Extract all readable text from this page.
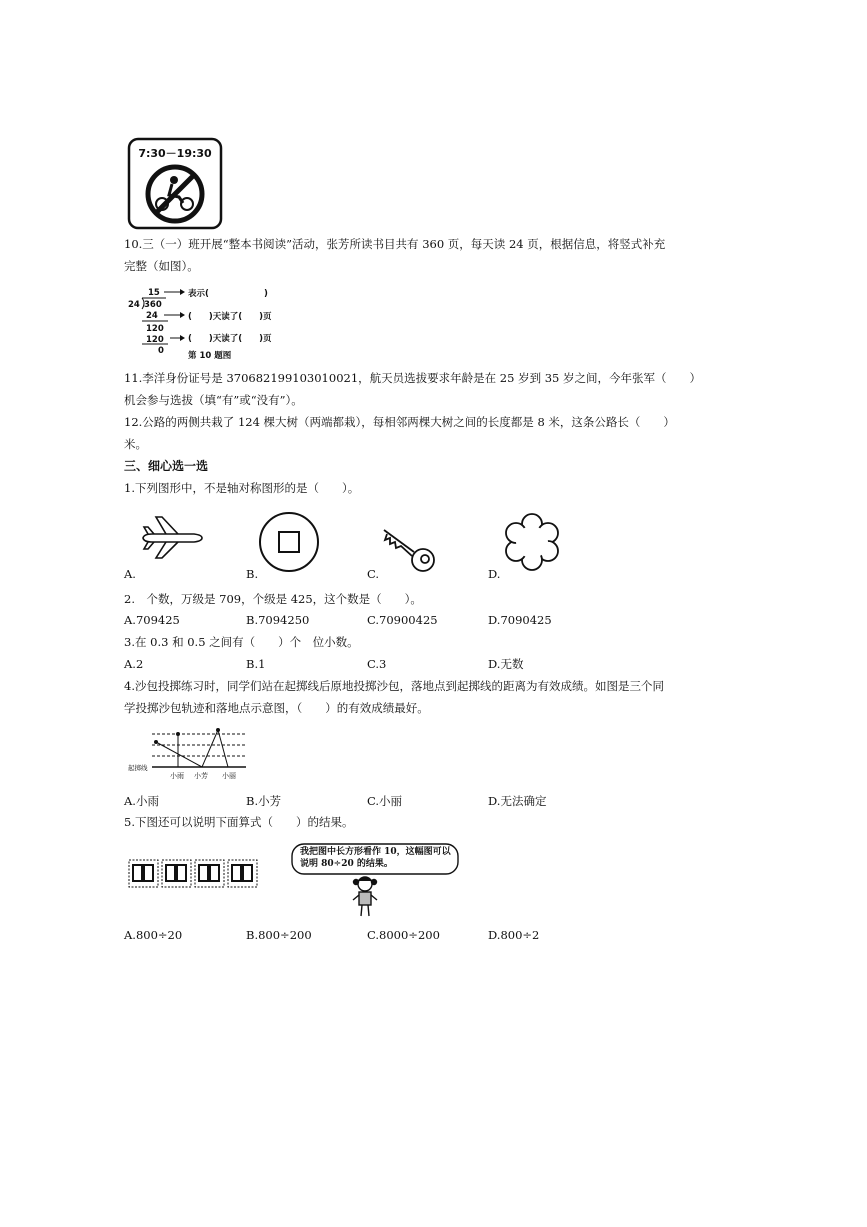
7:30－19:30
10.三（一）班开展“整本书阅读”活动，张芳所读书目共有 360 页，每天读 24 页，根据信息，将竖式补充
完整（如图）。
15
24 360
24
120
120
0
表示(	)
(　　)天读了(　　)页
(　　)天读了(　　)页
第 10 题图
11.李洋身份证号是 370682199103010021，航天员选拔要求年龄是在 25 岁到 35 岁之间，今年张军（　　）
机会参与选拔（填“有”或“没有”）。
12.公路的两侧共栽了 124 棵大树（两端都栽），每相邻两棵大树之间的长度都是 8 米，这条公路长（　　）
米。
三、细心选一选
1.下列图形中，不是轴对称图形的是（　　）。
A.	B.	C.	D.
2.　个数，万级是 709，个级是 425，这个数是（　　）。
A.709425	B.7094250	C.70900425	D.7090425
3.在 0.3 和 0.5 之间有（　　）个　位小数。
A.2	B.1	C.3	D.无数
4.沙包投掷练习时，同学们站在起掷线后原地投掷沙包，落地点到起掷线的距离为有效成绩。如图是三个同
学投掷沙包轨迹和落地点示意图，（　　）的有效成绩最好。
起掷线
小雨 小芳 小丽
A.小雨	B.小芳	C.小丽	D.无法确定
5.下图还可以说明下面算式（　　）的结果。
我把图中长方形看作 10，这幅图可以
说明 80÷20 的结果。
A.800÷20	B.800÷200	C.8000÷200	D.800÷2
